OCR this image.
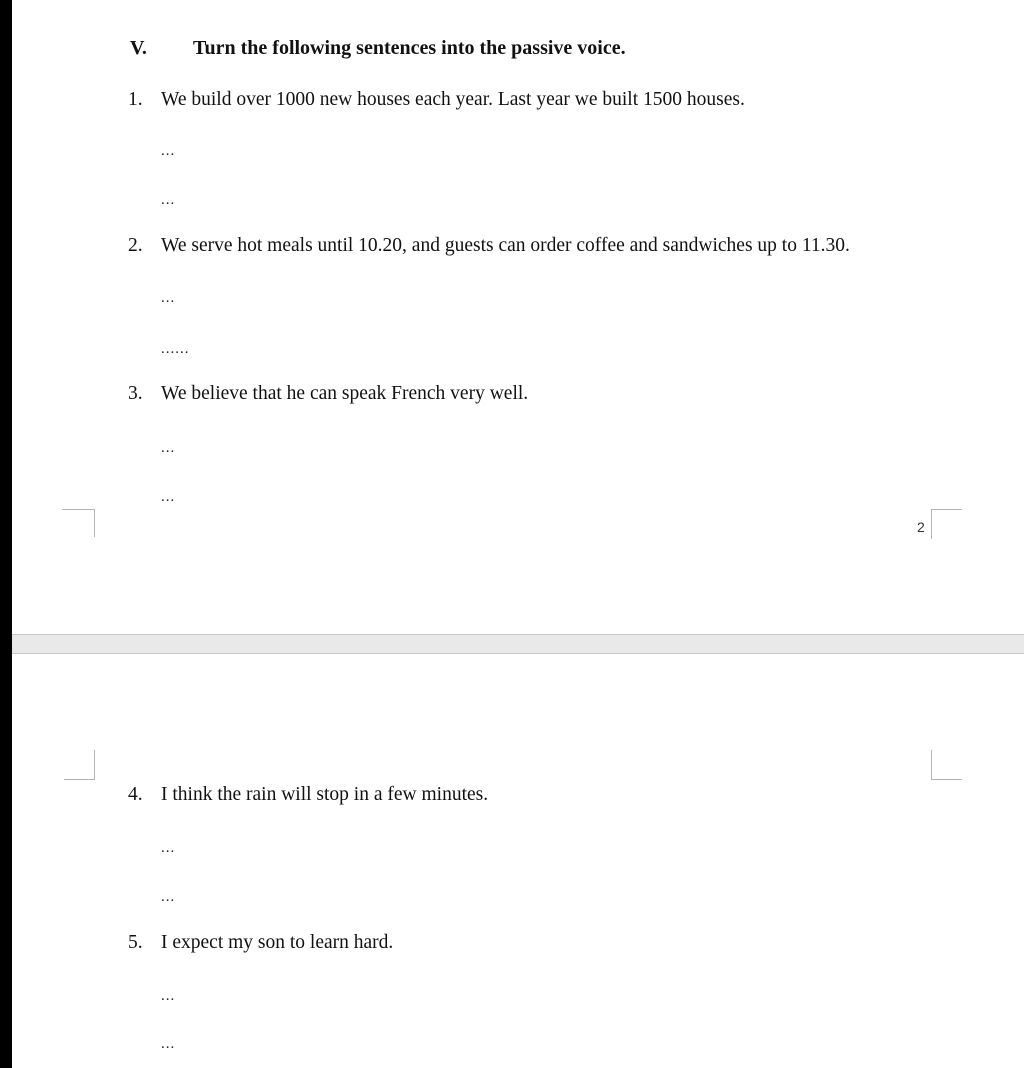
V. Turn the following sentences into the passive voice.
1. We build over 1000 new houses each year. Last year we built 1500 houses.
...
...
2. We serve hot meals until 10.20, and guests can order coffee and sandwiches up to 11.30.
...
......
3. We believe that he can speak French very well.
...
...
2
4. I think the rain will stop in a few minutes.
...
...
5. I expect my son to learn hard.
...
...
